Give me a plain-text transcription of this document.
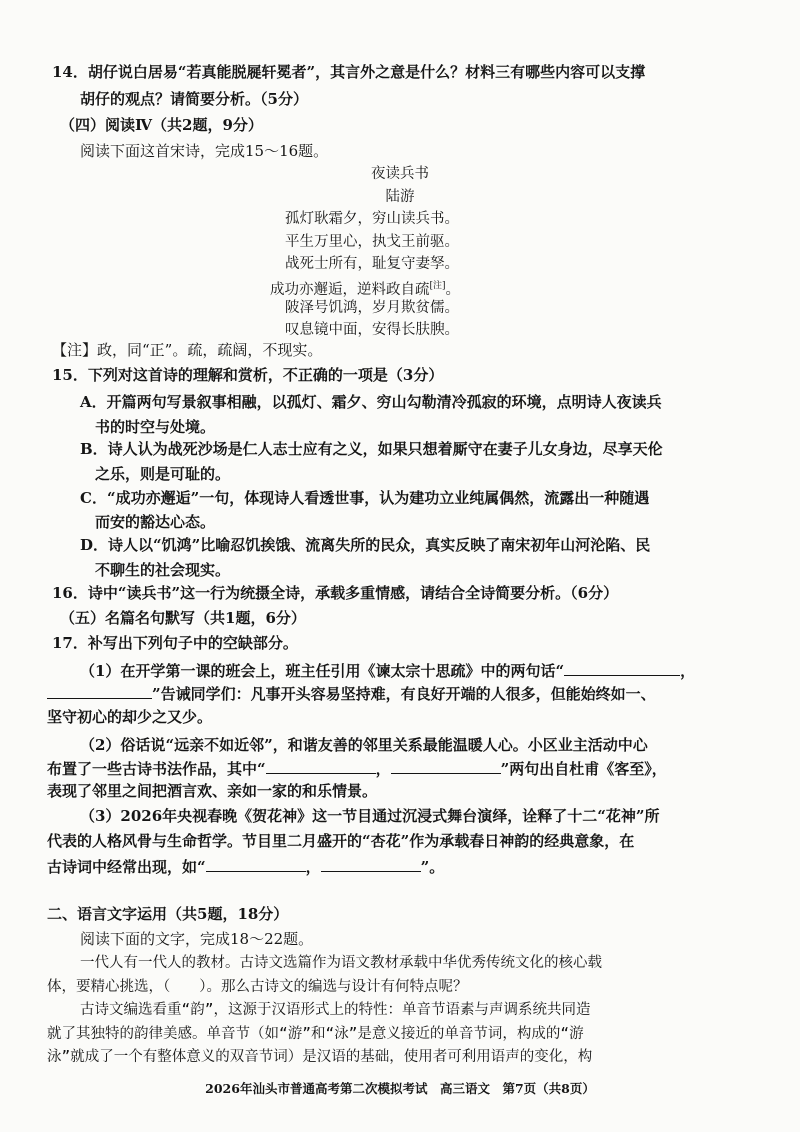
14．胡仔说白居易“若真能脱屣轩冕者”，其言外之意是什么？材料三有哪些内容可以支撑
胡仔的观点？请简要分析。（5分）
（四）阅读Ⅳ（共2题，9分）
阅读下面这首宋诗，完成15～16题。
夜读兵书
陆游
孤灯耿霜夕，穷山读兵书。
平生万里心，执戈王前驱。
战死士所有，耻复守妻孥。
成功亦邂逅，逆料政自疏[注]。
陂泽号饥鸿，岁月欺贫儒。
叹息镜中面，安得长肤腴。
【注】政，同“正”。疏，疏阔，不现实。
15．下列对这首诗的理解和赏析，不正确的一项是（3分）
A．开篇两句写景叙事相融，以孤灯、霜夕、穷山勾勒清冷孤寂的环境，点明诗人夜读兵
书的时空与处境。
B．诗人认为战死沙场是仁人志士应有之义，如果只想着厮守在妻子儿女身边，尽享天伦
之乐，则是可耻的。
C．“成功亦邂逅”一句，体现诗人看透世事，认为建功立业纯属偶然，流露出一种随遇
而安的豁达心态。
D．诗人以“饥鸿”比喻忍饥挨饿、流离失所的民众，真实反映了南宋初年山河沦陷、民
不聊生的社会现实。
16．诗中“读兵书”这一行为统摄全诗，承载多重情感，请结合全诗简要分析。（6分）
（五）名篇名句默写（共1题，6分）
17．补写出下列句子中的空缺部分。
（1）在开学第一课的班会上，班主任引用《谏太宗十思疏》中的两句话“	，
”告诫同学们：凡事开头容易坚持难，有良好开端的人很多，但能始终如一、
坚守初心的却少之又少。
（2）俗话说“远亲不如近邻”，和谐友善的邻里关系最能温暖人心。小区业主活动中心
布置了一些古诗书法作品，其中“	，	”两句出自杜甫《客至》，
表现了邻里之间把酒言欢、亲如一家的和乐情景。
（3）2026年央视春晚《贺花神》这一节目通过沉浸式舞台演绎，诠释了十二“花神”所
代表的人格风骨与生命哲学。节目里二月盛开的“杏花”作为承载春日神韵的经典意象，在
古诗词中经常出现，如“	，	”。
二、语言文字运用（共5题，18分）
阅读下面的文字，完成18～22题。
一代人有一代人的教材。古诗文选篇作为语文教材承载中华优秀传统文化的核心载
体，要精心挑选，（　　）。那么古诗文的编选与设计有何特点呢？
古诗文编选看重“韵”，这源于汉语形式上的特性：单音节语素与声调系统共同造
就了其独特的韵律美感。单音节（如“游”和“泳”是意义接近的单音节词，构成的“游
泳”就成了一个有整体意义的双音节词）是汉语的基础，使用者可利用语声的变化，构
2026年汕头市普通高考第二次模拟考试　高三语文　第7页（共8页）
